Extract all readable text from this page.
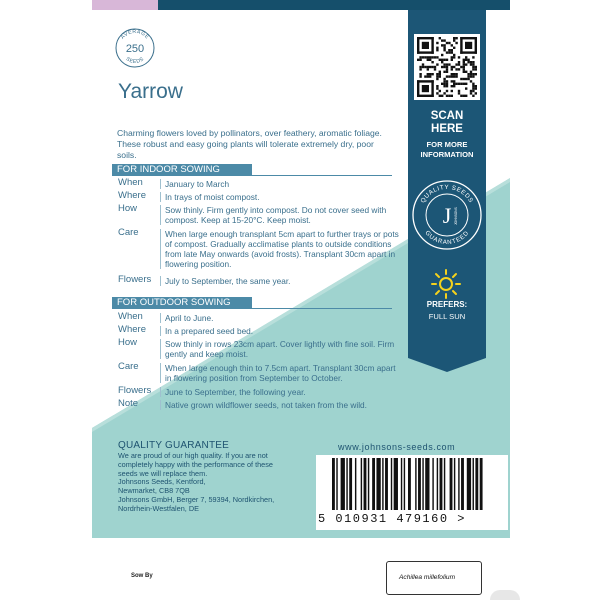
AVERAGE
250
SEEDS
Yarrow
Charming flowers loved by pollinators, over feathery, aromatic foliage. These robust and easy going plants will tolerate extremely dry, poor soils.
FOR INDOOR SOWING
When	January to March
Where	In trays of moist compost.
How	Sow thinly. Firm gently into compost. Do not cover seed with compost. Keep at 15-20°C. Keep moist.
Care	When large enough transplant 5cm apart to further trays or pots of compost. Gradually acclimatise plants to outside conditions from late May onwards (avoid frosts). Transplant 30cm apart in flowering position.
Flowers	July to September, the same year.
FOR OUTDOOR SOWING
When	April to June.
Where	In a prepared seed bed.
How	Sow thinly in rows 23cm apart. Cover lightly with fine soil. Firm gently and keep moist.
Care	When large enough thin to 7.5cm apart. Transplant 30cm apart in flowering position from September to October.
Flowers	June to September, the following year.
Note	Native grown wildflower seeds, not taken from the wild.
SCAN
HERE
FOR MORE
INFORMATION
QUALITY SEEDS
GUARANTEED
J JOHNSONS
PREFERS:
FULL SUN
QUALITY GUARANTEE
We are proud of our high quality. If you are not
completely happy with the performance of these
seeds we will replace them.
Johnsons Seeds, Kentford,
Newmarket, CB8 7QB
Johnsons GmbH, Berger 7, 59394, Nordkirchen,
Nordrhein-Westfalen, DE
www.johnsons-seeds.com
5 010931 479160 >
Sow By	Achillea millefolium
